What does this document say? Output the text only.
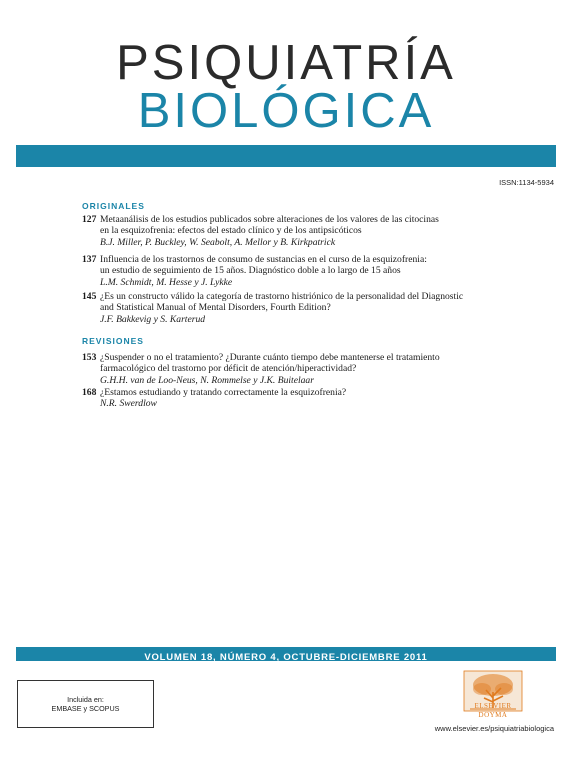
PSIQUIATRÍA
BIOLÓGICA
ISSN:1134-5934
ORIGINALES
127 Metaanálisis de los estudios publicados sobre alteraciones de los valores de las citocinas
en la esquizofrenia: efectos del estado clínico y de los antipsicóticos
B.J. Miller, P. Buckley, W. Seabolt, A. Mellor y B. Kirkpatrick
137 Influencia de los trastornos de consumo de sustancias en el curso de la esquizofrenia:
un estudio de seguimiento de 15 años. Diagnóstico doble a lo largo de 15 años
L.M. Schmidt, M. Hesse y J. Lykke
145 ¿Es un constructo válido la categoría de trastorno histriónico de la personalidad del Diagnostic
and Statistical Manual of Mental Disorders, Fourth Edition?
J.F. Bakkevig y S. Karterud
REVISIONES
153 ¿Suspender o no el tratamiento? ¿Durante cuánto tiempo debe mantenerse el tratamiento
farmacológico del trastorno por déficit de atención/hiperactividad?
G.H.H. van de Loo-Neus, N. Rommelse y J.K. Buitelaar
168 ¿Estamos estudiando y tratando correctamente la esquizofrenia?
N.R. Swerdlow
VOLUMEN 18, NÚMERO 4, OCTUBRE-DICIEMBRE 2011
Incluida en:
EMBASE y SCOPUS	ELSEVIER
DOYMA
www.elsevier.es/psiquiatriabiologica
